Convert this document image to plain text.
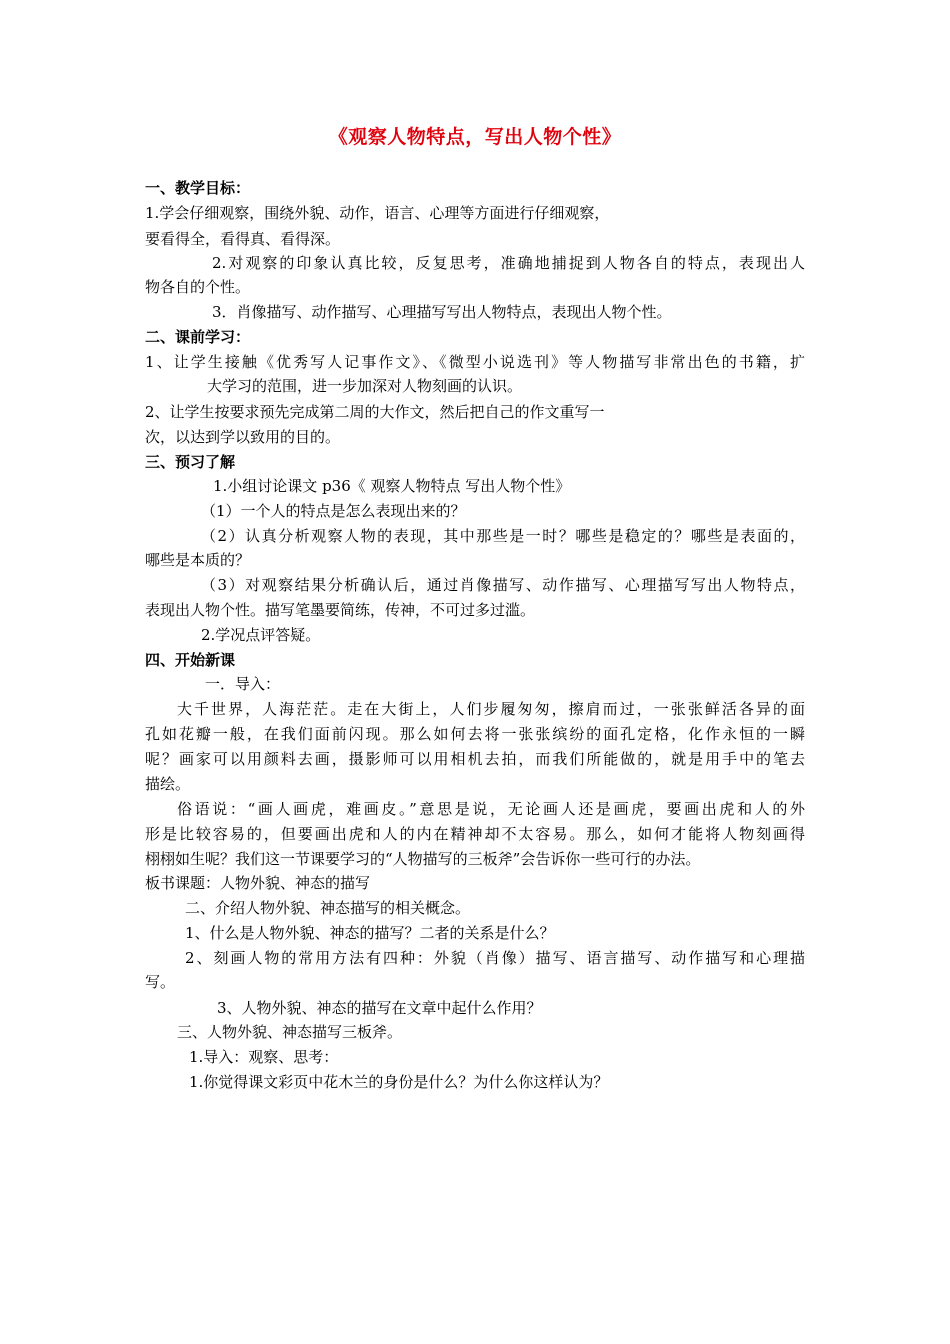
《观察人物特点，写出人物个性》
一、教学目标：
1.学会仔细观察，围绕外貌、动作，语言、心理等方面进行仔细观察，
要看得全，看得真、看得深。
2.对观察的印象认真比较，反复思考，准确地捕捉到人物各自的特点，表现出人
物各自的个性。
3．肖像描写、动作描写、心理描写写出人物特点，表现出人物个性。
二、课前学习：
1、让学生接触《优秀写人记事作文》、《微型小说选刊》等人物描写非常出色的书籍，扩
大学习的范围，进一步加深对人物刻画的认识。
2、让学生按要求预先完成第二周的大作文，然后把自己的作文重写一
次，以达到学以致用的目的。
三、预习了解
1.小组讨论课文 p36《 观察人物特点 写出人物个性》
（1）一个人的特点是怎么表现出来的？
（2）认真分析观察人物的表现，其中那些是一时？哪些是稳定的？哪些是表面的，
哪些是本质的？
（3）对观察结果分析确认后，通过肖像描写、动作描写、心理描写写出人物特点，
表现出人物个性。描写笔墨要简练，传神，不可过多过滥。
2.学况点评答疑。
四、开始新课
一．导入：
大千世界，人海茫茫。走在大街上，人们步履匆匆，擦肩而过，一张张鲜活各异的面
孔如花瓣一般，在我们面前闪现。那么如何去将一张张缤纷的面孔定格，化作永恒的一瞬
呢？画家可以用颜料去画，摄影师可以用相机去拍，而我们所能做的，就是用手中的笔去
描绘。
俗语说：“画人画虎，难画皮。”意思是说，无论画人还是画虎，要画出虎和人的外
形是比较容易的，但要画出虎和人的内在精神却不太容易。那么，如何才能将人物刻画得
栩栩如生呢？我们这一节课要学习的“人物描写的三板斧”会告诉你一些可行的办法。
板书课题：人物外貌、神态的描写
二、介绍人物外貌、神态描写的相关概念。
1、什么是人物外貌、神态的描写？二者的关系是什么？
2、刻画人物的常用方法有四种：外貌（肖像）描写、语言描写、动作描写和心理描
写。
3、人物外貌、神态的描写在文章中起什么作用？
三、人物外貌、神态描写三板斧。
1.导入：观察、思考：
1.你觉得课文彩页中花木兰的身份是什么？为什么你这样认为？
